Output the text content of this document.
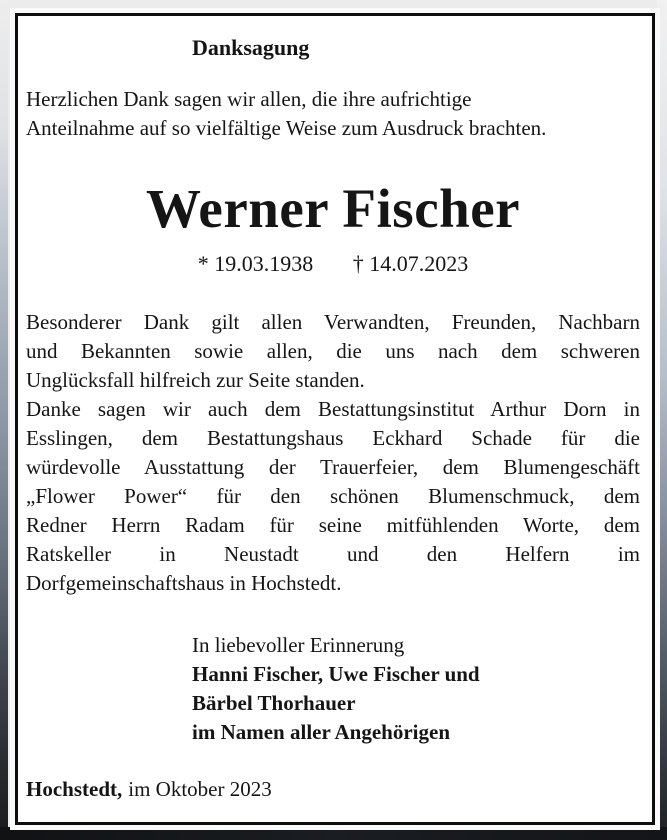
Danksagung
Herzlichen Dank sagen wir allen, die ihre aufrichtige
Anteilnahme auf so vielfältige Weise zum Ausdruck brachten.
Werner Fischer
* 19.03.1938 † 14.07.2023
Besonderer Dank gilt allen Verwandten, Freunden, Nachbarn
und Bekannten sowie allen, die uns nach dem schweren
Unglücksfall hilfreich zur Seite standen.
Danke sagen wir auch dem Bestattungsinstitut Arthur Dorn in
Esslingen, dem Bestattungshaus Eckhard Schade für die
würdevolle Ausstattung der Trauerfeier, dem Blumengeschäft
„Flower Power“ für den schönen Blumenschmuck, dem
Redner Herrn Radam für seine mitfühlenden Worte, dem
Ratskeller in Neustadt und den Helfern im
Dorfgemeinschaftshaus in Hochstedt.
In liebevoller Erinnerung
Hanni Fischer, Uwe Fischer und
Bärbel Thorhauer
im Namen aller Angehörigen
Hochstedt, im Oktober 2023
